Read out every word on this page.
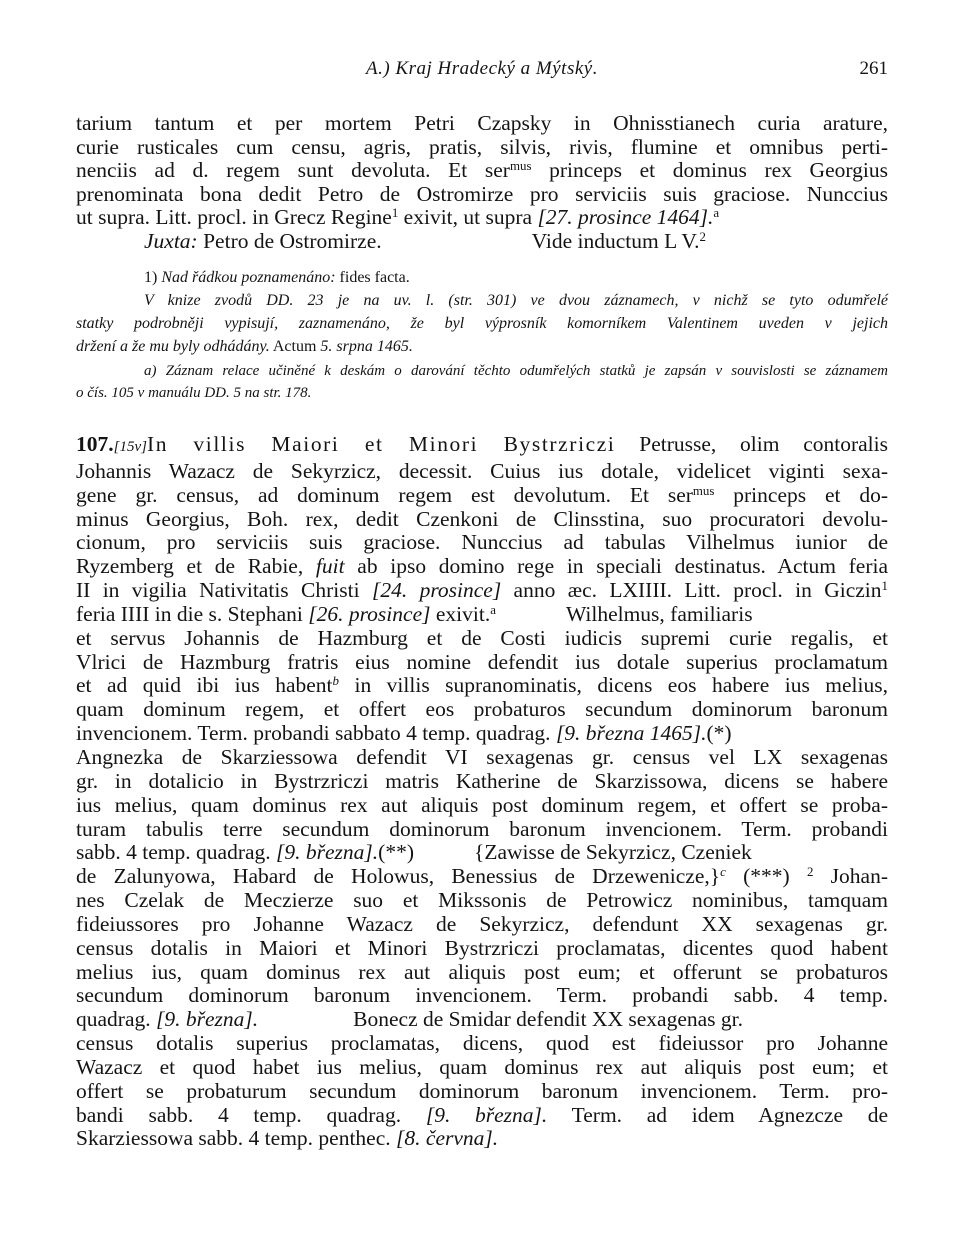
A.) Kraj Hradecký a Mýtský.	261
tarium tantum et per mortem Petri Czapsky in Ohnisstianech curia arature,
curie rusticales cum censu, agris, pratis, silvis, rivis, flumine et omnibus perti-
nenciis ad d. regem sunt devoluta. Et ser$^{mus}$ princeps et dominus rex Georgius
prenominata bona dedit Petro de Ostromirze pro serviciis suis graciose. Nunccius
ut supra. Litt. procl. in Grecz Regine$^1$ exivit, ut supra [27. prosince 1464].$^a$
Juxta: Petro de Ostromirze.	Vide inductum L V.$^2$
1) Nad řádkou poznamenáno: fides facta.
V knize zvodů DD. 23 je na uv. l. (str. 301) ve dvou záznamech, v nichž se tyto odumřelé
statky podrobněji vypisují, zaznamenáno, že byl výprosník komorníkem Valentinem uveden v jejich
držení a že mu byly odhádány. Actum 5. srpna 1465.
a) Záznam relace učiněné k deskám o darování těchto odumřelých statků je zapsán v souvislosti se záznamem
o čís. 105 v manuálu DD. 5 na str. 178.
107.[15v]In villis Maiori et Minori Bystrzriczi Petrusse, olim contoralis
Johannis Wazacz de Sekyrzicz, decessit. Cuius ius dotale, videlicet viginti sexa-
gene gr. census, ad dominum regem est devolutum. Et ser$^{mus}$ princeps et do-
minus Georgius, Boh. rex, dedit Czenkoni de Clinsstina, suo procuratori devolu-
cionum, pro serviciis suis graciose. Nunccius ad tabulas Vilhelmus iunior de
Ryzemberg et de Rabie, fuit ab ipso domino rege in speciali destinatus. Actum feria
II in vigilia Nativitatis Christi [24. prosince] anno æc. LXIIII. Litt. procl. in Giczin$^1$
feria IIII in die s. Stephani [26. prosince] exivit.$^a$	Wilhelmus, familiaris
et servus Johannis de Hazmburg et de Costi iudicis supremi curie regalis, et
Vlrici de Hazmburg fratris eius nomine defendit ius dotale superius proclamatum
et ad quid ibi ius habent$^b$ in villis supranominatis, dicens eos habere ius melius,
quam dominum regem, et offert eos probaturos secundum dominorum baronum
invencionem. Term. probandi sabbato 4 temp. quadrag. [9. března 1465].(*)
Angnezka de Skarziessowa defendit VI sexagenas gr. census vel LX sexagenas
gr. in dotalicio in Bystrzriczi matris Katherine de Skarzissowa, dicens se habere
ius melius, quam dominus rex aut aliquis post dominum regem, et offert se proba-
turam tabulis terre secundum dominorum baronum invencionem. Term. probandi
sabb. 4 temp. quadrag. [9. března].(**)	{Zawisse de Sekyrzicz, Czeniek
de Zalunyowa, Habard de Holowus, Benessius de Drzewenicze,}$^c$ (***) $^2$ Johan-
nes Czelak de Meczierze suo et Mikssonis de Petrowicz nominibus, tamquam
fideiussores pro Johanne Wazacz de Sekyrzicz, defendunt XX sexagenas gr.
census dotalis in Maiori et Minori Bystrzriczi proclamatas, dicentes quod habent
melius ius, quam dominus rex aut aliquis post eum; et offerunt se probaturos
secundum dominorum baronum invencionem. Term. probandi sabb. 4 temp.
quadrag. [9. března].	Bonecz de Smidar defendit XX sexagenas gr.
census dotalis superius proclamatas, dicens, quod est fideiussor pro Johanne
Wazacz et quod habet ius melius, quam dominus rex aut aliquis post eum; et
offert se probaturum secundum dominorum baronum invencionem. Term. pro-
bandi sabb. 4 temp. quadrag. [9. března]. Term. ad idem Agnezcze de
Skarziessowa sabb. 4 temp. penthec. [8. června].
